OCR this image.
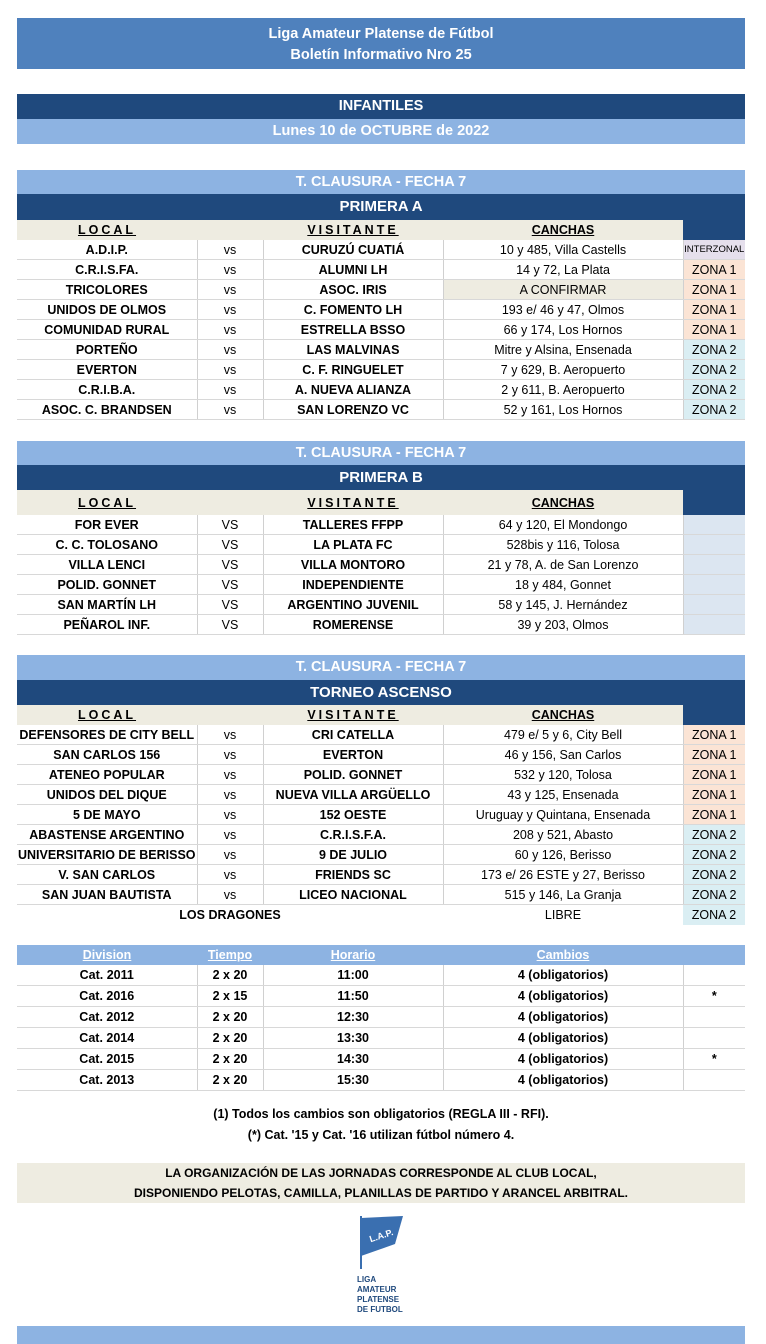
Liga Amateur Platense de Fútbol
Boletín Informativo Nro 25
INFANTILES
Lunes 10 de OCTUBRE de 2022
T. CLAUSURA - FECHA 7
PRIMERA A
LOCAL		VISITANTE	CANCHAS	
A.D.I.P.	vs	CURUZÚ CUATIÁ	10 y 485, Villa Castells	INTERZONAL
C.R.I.S.FA.	vs	ALUMNI LH	14 y 72, La Plata	ZONA 1
TRICOLORES	vs	ASOC. IRIS	A CONFIRMAR	ZONA 1
UNIDOS DE OLMOS	vs	C. FOMENTO LH	193 e/ 46 y 47, Olmos	ZONA 1
COMUNIDAD RURAL	vs	ESTRELLA BSSO	66 y 174, Los Hornos	ZONA 1
PORTEÑO	vs	LAS MALVINAS	Mitre y Alsina, Ensenada	ZONA 2
EVERTON	vs	C. F. RINGUELET	7 y 629, B. Aeropuerto	ZONA 2
C.R.I.B.A.	vs	A. NUEVA ALIANZA	2 y 611, B. Aeropuerto	ZONA 2
ASOC. C. BRANDSEN	vs	SAN LORENZO VC	52 y 161, Los Hornos	ZONA 2
T. CLAUSURA - FECHA 7
PRIMERA B
LOCAL		VISITANTE	CANCHAS	
FOR EVER	VS	TALLERES FFPP	64 y 120, El Mondongo	
C. C. TOLOSANO	VS	LA PLATA FC	528bis y 116, Tolosa	
VILLA LENCI	VS	VILLA MONTORO	21 y 78, A. de San Lorenzo	
POLID. GONNET	VS	INDEPENDIENTE	18 y 484, Gonnet	
SAN MARTÍN LH	VS	ARGENTINO JUVENIL	58 y 145, J. Hernández	
PEÑAROL INF.	VS	ROMERENSE	39 y 203, Olmos	
T. CLAUSURA - FECHA 7
TORNEO ASCENSO
LOCAL		VISITANTE	CANCHAS	
DEFENSORES DE CITY BELL	vs	CRI CATELLA	479 e/ 5 y 6, City Bell	ZONA 1
SAN CARLOS 156	vs	EVERTON	46 y 156, San Carlos	ZONA 1
ATENEO POPULAR	vs	POLID. GONNET	532 y 120, Tolosa	ZONA 1
UNIDOS DEL DIQUE	vs	NUEVA VILLA ARGÜELLO	43 y 125, Ensenada	ZONA 1
5 DE MAYO	vs	152 OESTE	Uruguay y Quintana, Ensenada	ZONA 1
ABASTENSE ARGENTINO	vs	C.R.I.S.F.A.	208 y 521, Abasto	ZONA 2
UNIVERSITARIO DE BERISSO	vs	9 DE JULIO	60 y 126, Berisso	ZONA 2
V. SAN CARLOS	vs	FRIENDS SC	173 e/ 26 ESTE y 27, Berisso	ZONA 2
SAN JUAN BAUTISTA	vs	LICEO NACIONAL	515 y 146, La Granja	ZONA 2
LOS DRAGONES			LIBRE	ZONA 2
Division	Tiempo	Horario	Cambios	
Cat. 2011	2 x 20	11:00	4 (obligatorios)	
Cat. 2016	2 x 15	11:50	4 (obligatorios)	*
Cat. 2012	2 x 20	12:30	4 (obligatorios)	
Cat. 2014	2 x 20	13:30	4 (obligatorios)	
Cat. 2015	2 x 20	14:30	4 (obligatorios)	*
Cat. 2013	2 x 20	15:30	4 (obligatorios)	
(1) Todos los cambios son obligatorios (REGLA III - RFI).
(*) Cat. '15 y Cat. '16 utilizan fútbol número 4.
LA ORGANIZACIÓN DE LAS JORNADAS CORRESPONDE AL CLUB LOCAL,
DISPONIENDO PELOTAS, CAMILLA, PLANILLAS DE PARTIDO Y ARANCEL ARBITRAL.
L.A.P.
LIGA
AMATEUR
PLATENSE
DE FUTBOL
